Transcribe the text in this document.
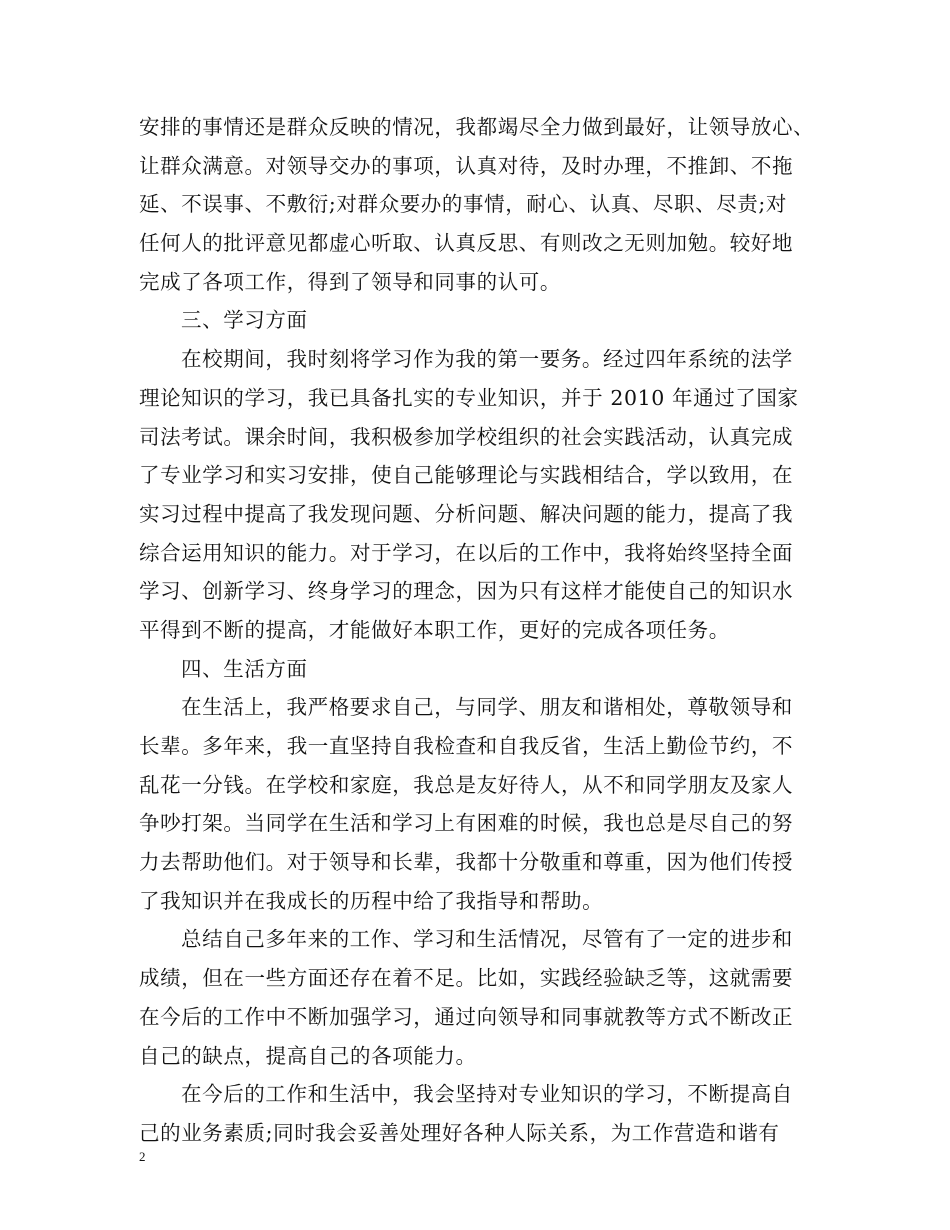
安排的事情还是群众反映的情况，我都竭尽全力做到最好，让领导放心、
让群众满意。对领导交办的事项，认真对待，及时办理，不推卸、不拖
延、不误事、不敷衍;对群众要办的事情，耐心、认真、尽职、尽责;对
任何人的批评意见都虚心听取、认真反思、有则改之无则加勉。较好地
完成了各项工作，得到了领导和同事的认可。
三、学习方面
在校期间，我时刻将学习作为我的第一要务。经过四年系统的法学
理论知识的学习，我已具备扎实的专业知识，并于 2010 年通过了国家
司法考试。课余时间，我积极参加学校组织的社会实践活动，认真完成
了专业学习和实习安排，使自己能够理论与实践相结合，学以致用，在
实习过程中提高了我发现问题、分析问题、解决问题的能力，提高了我
综合运用知识的能力。对于学习，在以后的工作中，我将始终坚持全面
学习、创新学习、终身学习的理念，因为只有这样才能使自己的知识水
平得到不断的提高，才能做好本职工作，更好的完成各项任务。
四、生活方面
在生活上，我严格要求自己，与同学、朋友和谐相处，尊敬领导和
长辈。多年来，我一直坚持自我检查和自我反省，生活上勤俭节约，不
乱花一分钱。在学校和家庭，我总是友好待人，从不和同学朋友及家人
争吵打架。当同学在生活和学习上有困难的时候，我也总是尽自己的努
力去帮助他们。对于领导和长辈，我都十分敬重和尊重，因为他们传授
了我知识并在我成长的历程中给了我指导和帮助。
总结自己多年来的工作、学习和生活情况，尽管有了一定的进步和
成绩，但在一些方面还存在着不足。比如，实践经验缺乏等，这就需要
在今后的工作中不断加强学习，通过向领导和同事就教等方式不断改正
自己的缺点，提高自己的各项能力。
在今后的工作和生活中，我会坚持对专业知识的学习，不断提高自
己的业务素质;同时我会妥善处理好各种人际关系，为工作营造和谐有
2
